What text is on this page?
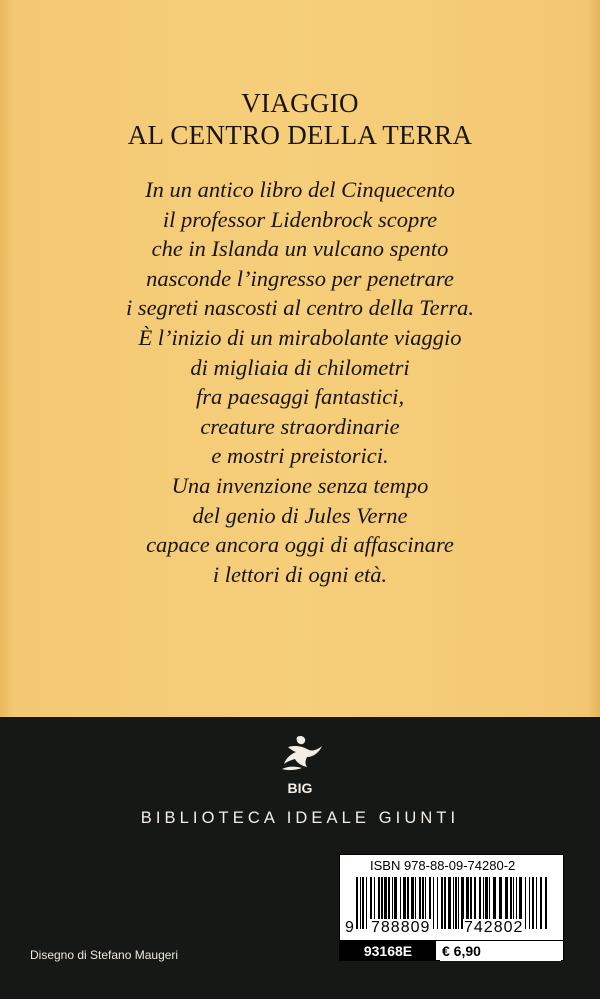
VIAGGIO
AL CENTRO DELLA TERRA
In un antico libro del Cinquecento
il professor Lidenbrock scopre
che in Islanda un vulcano spento
nasconde l’ingresso per penetrare
i segreti nascosti al centro della Terra.
È l’inizio di un mirabolante viaggio
di migliaia di chilometri
fra paesaggi fantastici,
creature straordinarie
e mostri preistorici.
Una invenzione senza tempo
del genio di Jules Verne
capace ancora oggi di affascinare
i lettori di ogni età.
BIG
BIBLIOTECA IDEALE GIUNTI
Disegno di Stefano Maugeri
ISBN 978-88-09-74280-2
9 788809 742802
93168E	€ 6,90
